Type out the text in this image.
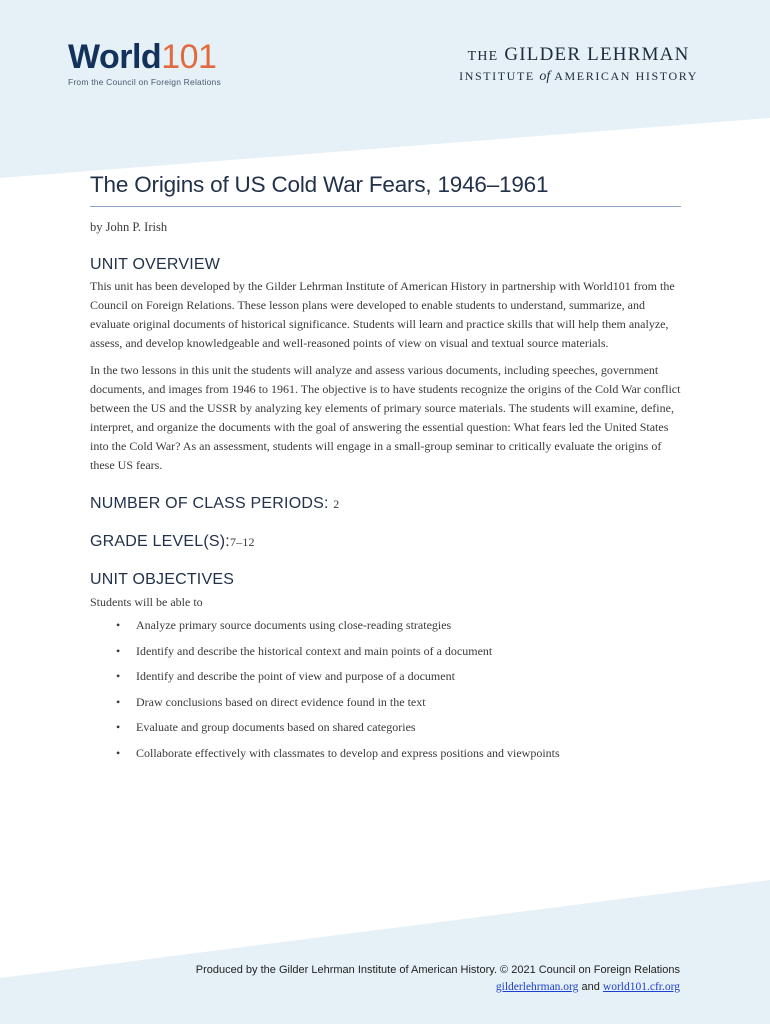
World101
From the Council on Foreign Relations
THE GILDER LEHRMAN
INSTITUTE of AMERICAN HISTORY
The Origins of US Cold War Fears, 1946–1961
by John P. Irish
UNIT OVERVIEW

This unit has been developed by the Gilder Lehrman Institute of American History in partnership with World101 from the Council on Foreign Relations. These lesson plans were developed to enable students to understand, summarize, and evaluate original documents of historical significance. Students will learn and practice skills that will help them analyze, assess, and develop knowledgeable and well-reasoned points of view on visual and textual source materials.

In the two lessons in this unit the students will analyze and assess various documents, including speeches, government documents, and images from 1946 to 1961. The objective is to have students recognize the origins of the Cold War conflict between the US and the USSR by analyzing key elements of primary source materials. The students will examine, define, interpret, and organize the documents with the goal of answering the essential question: What fears led the United States into the Cold War? As an assessment, students will engage in a small-group seminar to critically evaluate the origins of these US fears.

NUMBER OF CLASS PERIODS: 2
GRADE LEVEL(S):7–12
UNIT OBJECTIVES

Students will be able to

• Analyze primary source documents using close-reading strategies
• Identify and describe the historical context and main points of a document
• Identify and describe the point of view and purpose of a document
• Draw conclusions based on direct evidence found in the text
• Evaluate and group documents based on shared categories
• Collaborate effectively with classmates to develop and express positions and viewpoints
Produced by the Gilder Lehrman Institute of American History. © 2021 Council on Foreign Relations
gilderlehrman.org and world101.cfr.org
